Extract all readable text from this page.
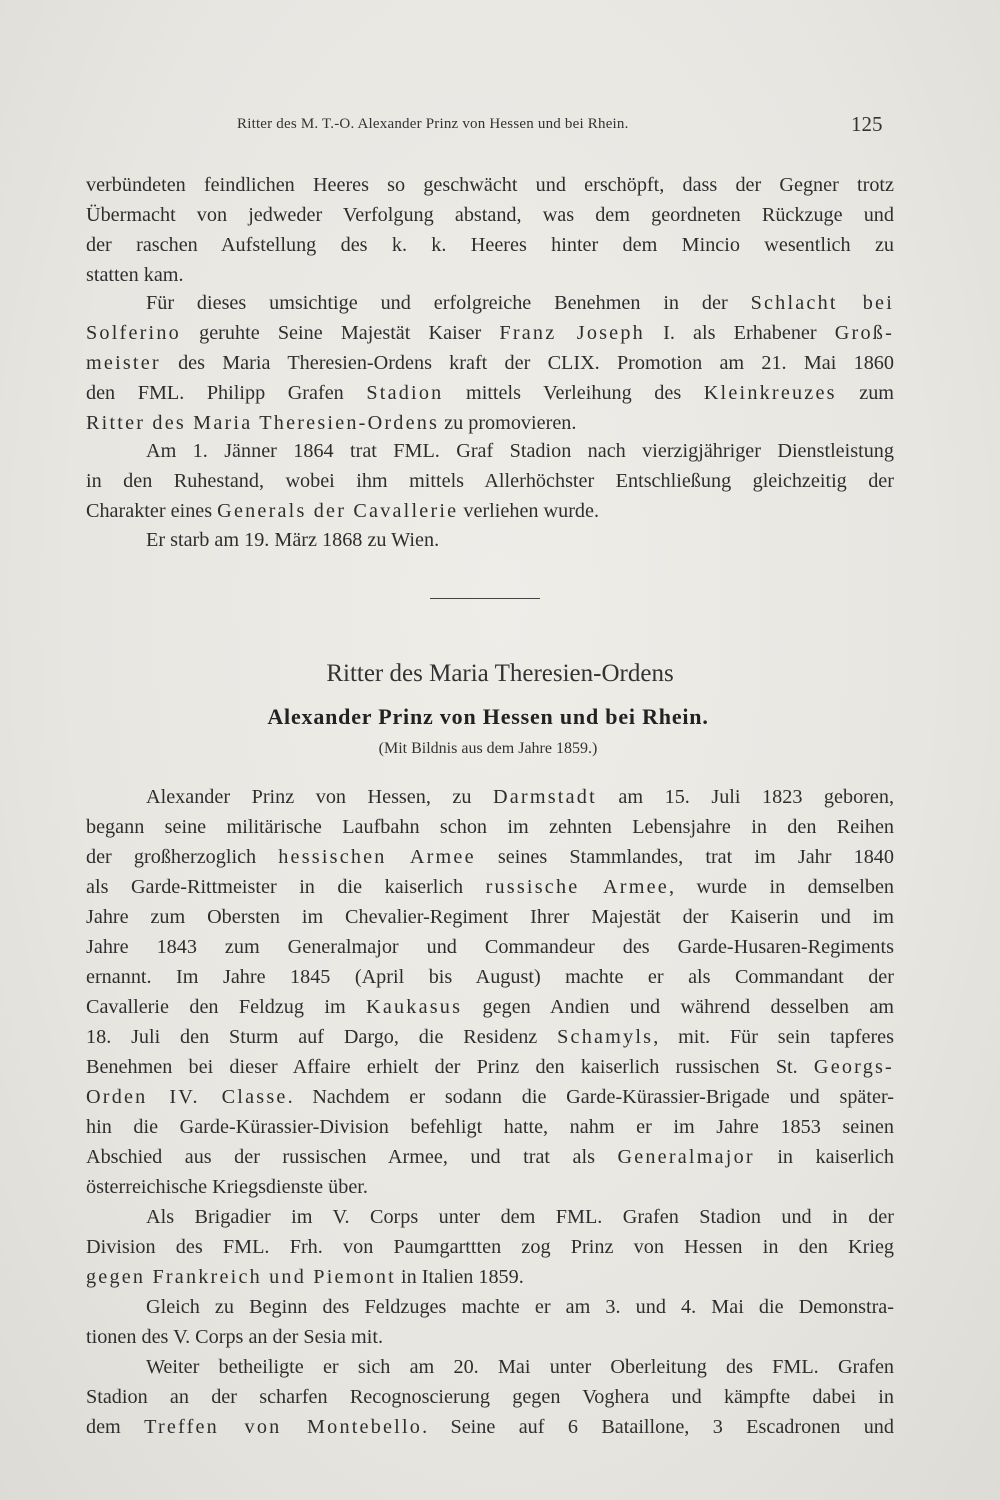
Ritter des M. T.-O. Alexander Prinz von Hessen und bei Rhein.	125
verbündeten feindlichen Heeres so geschwächt und erschöpft, dass der Gegner trotz
Übermacht von jedweder Verfolgung abstand, was dem geordneten Rückzuge und
der raschen Aufstellung des k. k. Heeres hinter dem Mincio wesentlich zu
statten kam.
Für dieses umsichtige und erfolgreiche Benehmen in der Schlacht bei
Solferino geruhte Seine Majestät Kaiser Franz Joseph I. als Erhabener Groß-
meister des Maria Theresien-Ordens kraft der CLIX. Promotion am 21. Mai 1860
den FML. Philipp Grafen Stadion mittels Verleihung des Kleinkreuzes zum
Ritter des Maria Theresien-Ordens zu promovieren.
Am 1. Jänner 1864 trat FML. Graf Stadion nach vierzigjähriger Dienstleistung
in den Ruhestand, wobei ihm mittels Allerhöchster Entschließung gleichzeitig der
Charakter eines Generals der Cavallerie verliehen wurde.
Er starb am 19. März 1868 zu Wien.
Ritter des Maria Theresien-Ordens
Alexander Prinz von Hessen und bei Rhein.
(Mit Bildnis aus dem Jahre 1859.)
Alexander Prinz von Hessen, zu Darmstadt am 15. Juli 1823 geboren,
begann seine militärische Laufbahn schon im zehnten Lebensjahre in den Reihen
der großherzoglich hessischen Armee seines Stammlandes, trat im Jahr 1840
als Garde-Rittmeister in die kaiserlich russische Armee, wurde in demselben
Jahre zum Obersten im Chevalier-Regiment Ihrer Majestät der Kaiserin und im
Jahre 1843 zum Generalmajor und Commandeur des Garde-Husaren-Regiments
ernannt. Im Jahre 1845 (April bis August) machte er als Commandant der
Cavallerie den Feldzug im Kaukasus gegen Andien und während desselben am
18. Juli den Sturm auf Dargo, die Residenz Schamyls, mit. Für sein tapferes
Benehmen bei dieser Affaire erhielt der Prinz den kaiserlich russischen St. Georgs-
Orden IV. Classe. Nachdem er sodann die Garde-Kürassier-Brigade und später-
hin die Garde-Kürassier-Division befehligt hatte, nahm er im Jahre 1853 seinen
Abschied aus der russischen Armee, und trat als Generalmajor in kaiserlich
österreichische Kriegsdienste über.
Als Brigadier im V. Corps unter dem FML. Grafen Stadion und in der
Division des FML. Frh. von Paumgarttten zog Prinz von Hessen in den Krieg
gegen Frankreich und Piemont in Italien 1859.
Gleich zu Beginn des Feldzuges machte er am 3. und 4. Mai die Demonstra-
tionen des V. Corps an der Sesia mit.
Weiter betheiligte er sich am 20. Mai unter Oberleitung des FML. Grafen
Stadion an der scharfen Recognoscierung gegen Voghera und kämpfte dabei in
dem Treffen von Montebello. Seine auf 6 Bataillone, 3 Escadronen und
